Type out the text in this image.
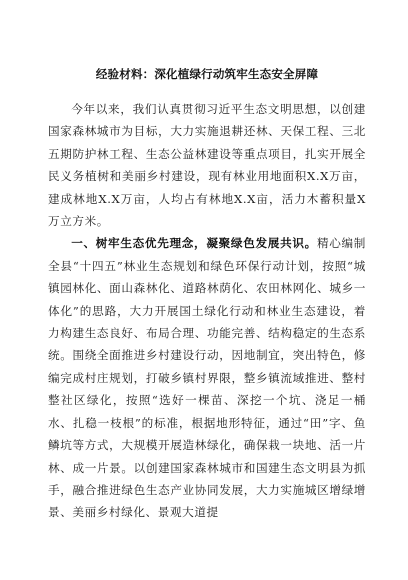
经验材料：深化植绿行动筑牢生态安全屏障

今年以来，我们认真贯彻习近平生态文明思想，以创建国家森林城市为目标，大力实施退耕还林、天保工程、三北五期防护林工程、生态公益林建设等重点项目，扎实开展全民义务植树和美丽乡村建设，现有林业用地面积X.X万亩，建成林地X.X万亩，人均占有林地X.X亩，活力木蓄积量X万立方米。

一、树牢生态优先理念，凝聚绿色发展共识。精心编制全县“十四五”林业生态规划和绿色环保行动计划，按照“城镇园林化、面山森林化、道路林荫化、农田林网化、城乡一体化”的思路，大力开展国土绿化行动和林业生态建设，着力构建生态良好、布局合理、功能完善、结构稳定的生态系统。围绕全面推进乡村建设行动，因地制宜，突出特色，修编完成村庄规划，打破乡镇村界限，整乡镇流域推进、整村整社区绿化，按照“选好一棵苗、深挖一个坑、浇足一桶水、扎稳一枝根”的标准，根据地形特征，通过“田”字、鱼鳞坑等方式，大规模开展造林绿化，确保栽一块地、活一片林、成一片景。以创建国家森林城市和国建生态文明县为抓手，融合推进绿色生态产业协同发展，大力实施城区增绿增景、美丽乡村绿化、景观大道提
